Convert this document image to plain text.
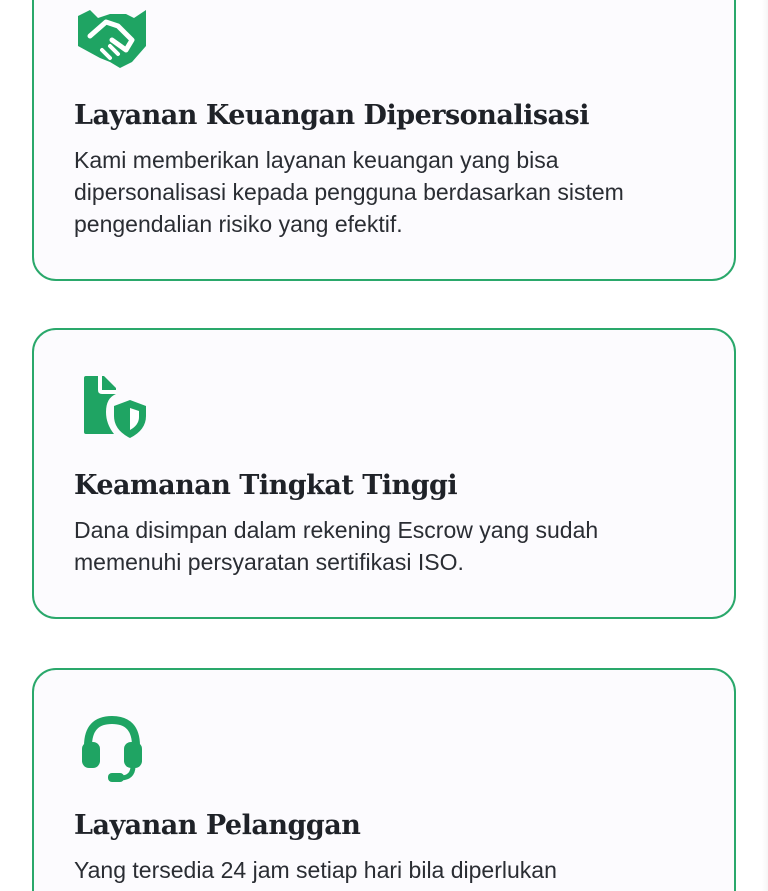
Layanan Keuangan Dipersonalisasi
Kami memberikan layanan keuangan yang bisa dipersonalisasi kepada pengguna berdasarkan sistem pengendalian risiko yang efektif.
Keamanan Tingkat Tinggi
Dana disimpan dalam rekening Escrow yang sudah memenuhi persyaratan sertifikasi ISO.
Layanan Pelanggan
Yang tersedia 24 jam setiap hari bila diperlukan
